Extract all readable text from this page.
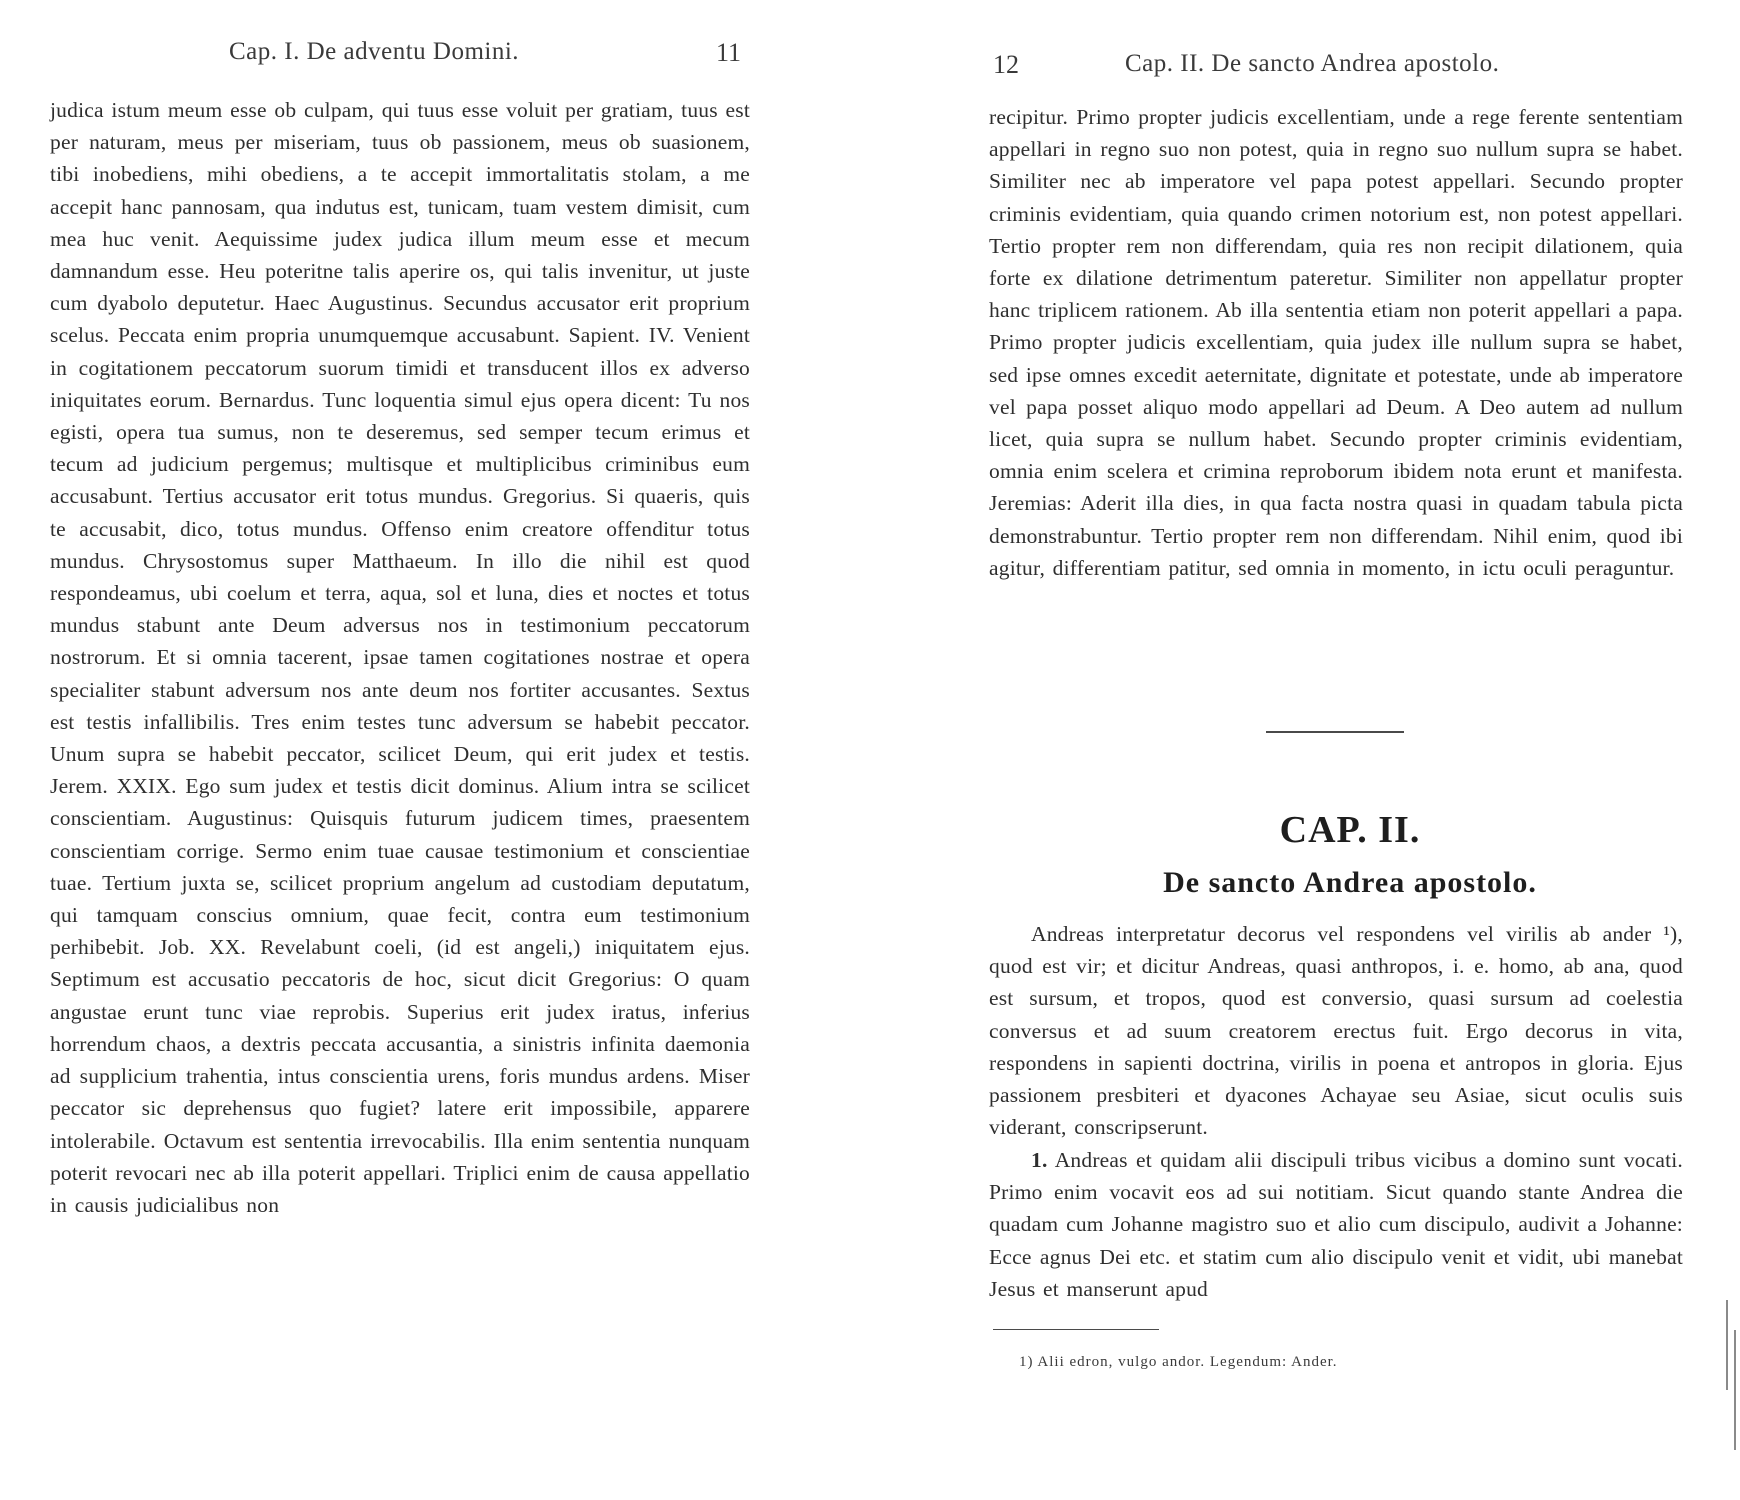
Cap. I. De adventu Domini.	11

judica istum meum esse ob culpam, qui tuus esse voluit per gratiam, tuus est per naturam, meus per miseriam, tuus ob passionem, meus ob suasionem, tibi inobediens, mihi obediens, a te accepit immortalitatis stolam, a me accepit hanc pannosam, qua indutus est, tunicam, tuam vestem dimisit, cum mea huc venit. Aequissime judex judica illum meum esse et mecum damnandum esse. Heu poteritne talis aperire os, qui talis invenitur, ut juste cum dyabolo deputetur. Haec Augustinus. Secundus accusator erit proprium scelus. Peccata enim propria unumquemque accusabunt. Sapient. IV. Venient in cogitationem peccatorum suorum timidi et transducent illos ex adverso iniquitates eorum. Bernardus. Tunc loquentia simul ejus opera dicent: Tu nos egisti, opera tua sumus, non te deseremus, sed semper tecum erimus et tecum ad judicium pergemus; multisque et multiplicibus criminibus eum accusabunt. Tertius accusator erit totus mundus. Gregorius. Si quaeris, quis te accusabit, dico, totus mundus. Offenso enim creatore offenditur totus mundus. Chrysostomus super Matthaeum. In illo die nihil est quod respondeamus, ubi coelum et terra, aqua, sol et luna, dies et noctes et totus mundus stabunt ante Deum adversus nos in testimonium peccatorum nostrorum. Et si omnia tacerent, ipsae tamen cogitationes nostrae et opera specialiter stabunt adversum nos ante deum nos fortiter accusantes. Sextus est testis infallibilis. Tres enim testes tunc adversum se habebit peccator. Unum supra se habebit peccator, scilicet Deum, qui erit judex et testis. Jerem. XXIX. Ego sum judex et testis dicit dominus. Alium intra se scilicet conscientiam. Augustinus: Quisquis futurum judicem times, praesentem conscientiam corrige. Sermo enim tuae causae testimonium et conscientiae tuae. Tertium juxta se, scilicet proprium angelum ad custodiam deputatum, qui tamquam conscius omnium, quae fecit, contra eum testimonium perhibebit. Job. XX. Revelabunt coeli, (id est angeli,) iniquitatem ejus. Septimum est accusatio peccatoris de hoc, sicut dicit Gregorius: O quam angustae erunt tunc viae reprobis. Superius erit judex iratus, inferius horrendum chaos, a dextris peccata accusantia, a sinistris infinita daemonia ad supplicium trahentia, intus conscientia urens, foris mundus ardens. Miser peccator sic deprehensus quo fugiet? latere erit impossibile, apparere intolerabile. Octavum est sententia irrevocabilis. Illa enim sententia nunquam poterit revocari nec ab illa poterit appellari. Triplici enim de causa appellatio in causis judicialibus non

12	Cap. II. De sancto Andrea apostolo.

recipitur. Primo propter judicis excellentiam, unde a rege ferente sententiam appellari in regno suo non potest, quia in regno suo nullum supra se habet. Similiter nec ab imperatore vel papa potest appellari. Secundo propter criminis evidentiam, quia quando crimen notorium est, non potest appellari. Tertio propter rem non differendam, quia res non recipit dilationem, quia forte ex dilatione detrimentum pateretur. Similiter non appellatur propter hanc triplicem rationem. Ab illa sententia etiam non poterit appellari a papa. Primo propter judicis excellentiam, quia judex ille nullum supra se habet, sed ipse omnes excedit aeternitate, dignitate et potestate, unde ab imperatore vel papa posset aliquo modo appellari ad Deum. A Deo autem ad nullum licet, quia supra se nullum habet. Secundo propter criminis evidentiam, omnia enim scelera et crimina reproborum ibidem nota erunt et manifesta. Jeremias: Aderit illa dies, in qua facta nostra quasi in quadam tabula picta demonstrabuntur. Tertio propter rem non differendam. Nihil enim, quod ibi agitur, differentiam patitur, sed omnia in momento, in ictu oculi peraguntur.

CAP. II.
De sancto Andrea apostolo.

Andreas interpretatur decorus vel respondens vel virilis ab ander ¹), quod est vir; et dicitur Andreas, quasi anthropos, i. e. homo, ab ana, quod est sursum, et tropos, quod est conversio, quasi sursum ad coelestia conversus et ad suum creatorem erectus fuit. Ergo decorus in vita, respondens in sapienti doctrina, virilis in poena et antropos in gloria. Ejus passionem presbiteri et dyacones Achayae seu Asiae, sicut oculis suis viderant, conscripserunt.

1. Andreas et quidam alii discipuli tribus vicibus a domino sunt vocati. Primo enim vocavit eos ad sui notitiam. Sicut quando stante Andrea die quadam cum Johanne magistro suo et alio cum discipulo, audivit a Johanne: Ecce agnus Dei etc. et statim cum alio discipulo venit et vidit, ubi manebat Jesus et manserunt apud

1) Alii edron, vulgo andor. Legendum: Ander.
